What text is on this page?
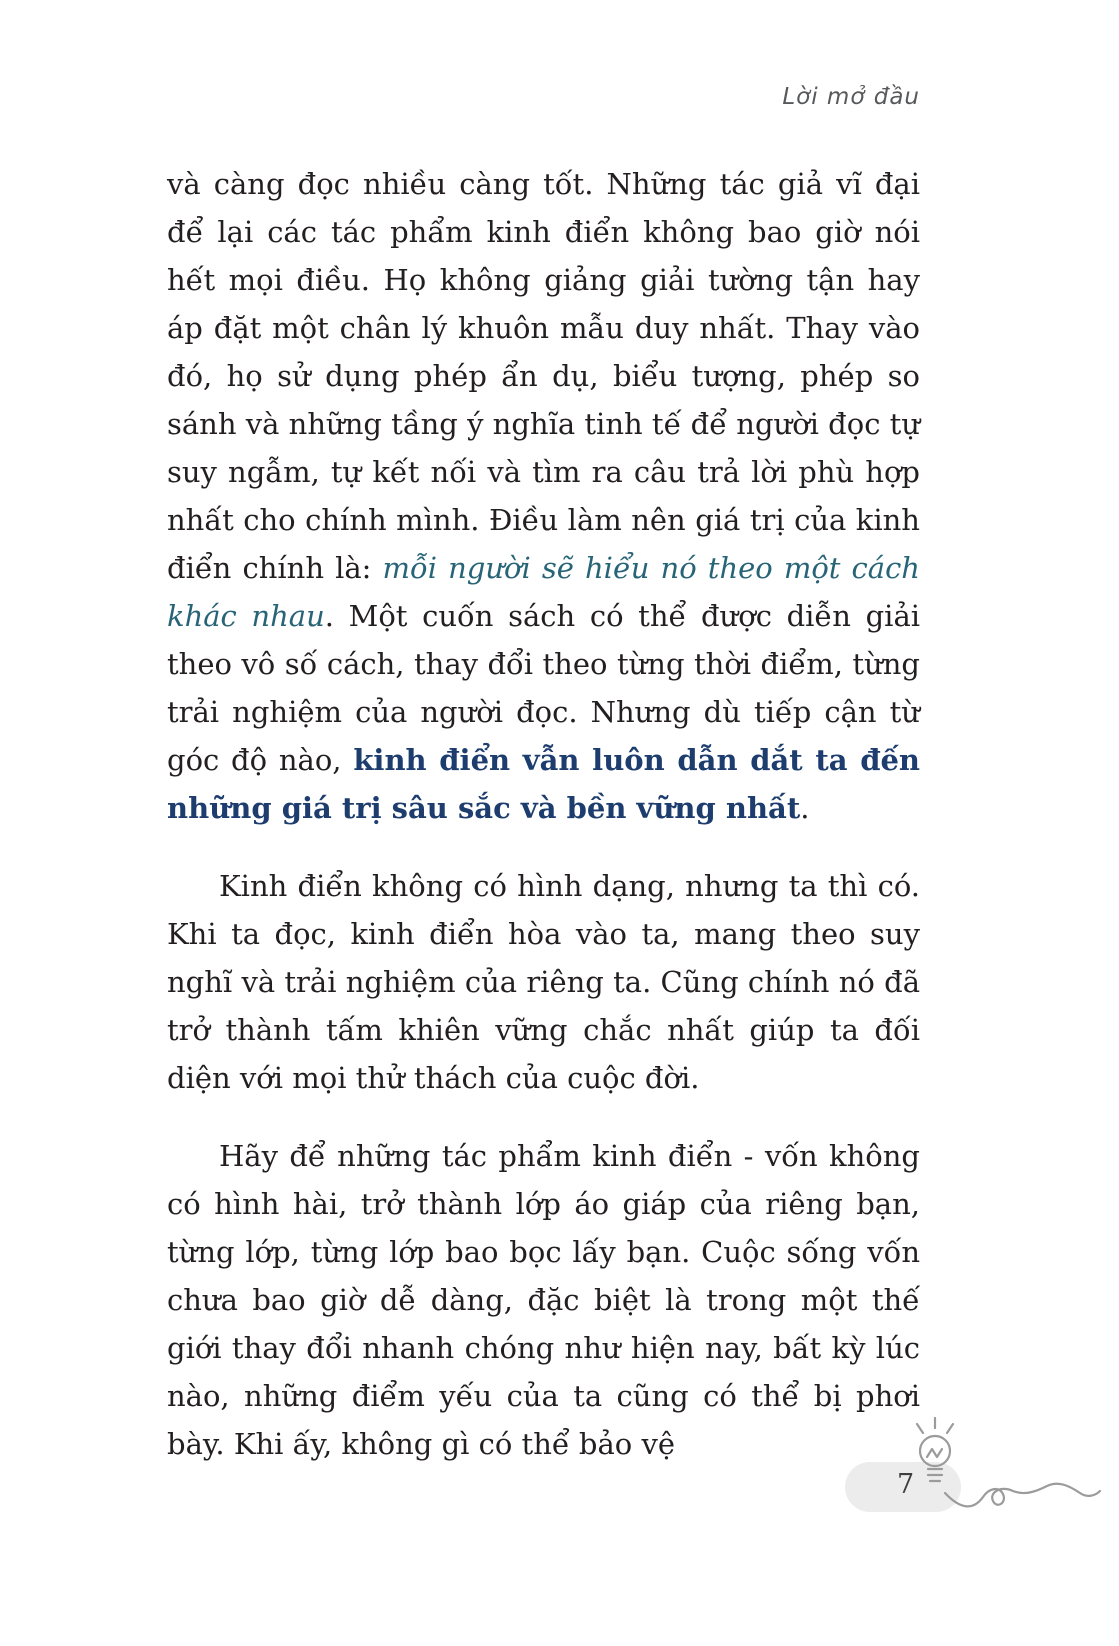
Lời mở đầu

và càng đọc nhiều càng tốt. Những tác giả vĩ đại để lại các tác phẩm kinh điển không bao giờ nói hết mọi điều. Họ không giảng giải tường tận hay áp đặt một chân lý khuôn mẫu duy nhất. Thay vào đó, họ sử dụng phép ẩn dụ, biểu tượng, phép so sánh và những tầng ý nghĩa tinh tế để người đọc tự suy ngẫm, tự kết nối và tìm ra câu trả lời phù hợp nhất cho chính mình. Điều làm nên giá trị của kinh điển chính là: mỗi người sẽ hiểu nó theo một cách khác nhau. Một cuốn sách có thể được diễn giải theo vô số cách, thay đổi theo từng thời điểm, từng trải nghiệm của người đọc. Nhưng dù tiếp cận từ góc độ nào, kinh điển vẫn luôn dẫn dắt ta đến những giá trị sâu sắc và bền vững nhất.

Kinh điển không có hình dạng, nhưng ta thì có. Khi ta đọc, kinh điển hòa vào ta, mang theo suy nghĩ và trải nghiệm của riêng ta. Cũng chính nó đã trở thành tấm khiên vững chắc nhất giúp ta đối diện với mọi thử thách của cuộc đời.

Hãy để những tác phẩm kinh điển - vốn không có hình hài, trở thành lớp áo giáp của riêng bạn, từng lớp, từng lớp bao bọc lấy bạn. Cuộc sống vốn chưa bao giờ dễ dàng, đặc biệt là trong một thế giới thay đổi nhanh chóng như hiện nay, bất kỳ lúc nào, những điểm yếu của ta cũng có thể bị phơi bày. Khi ấy, không gì có thể bảo vệ

7
